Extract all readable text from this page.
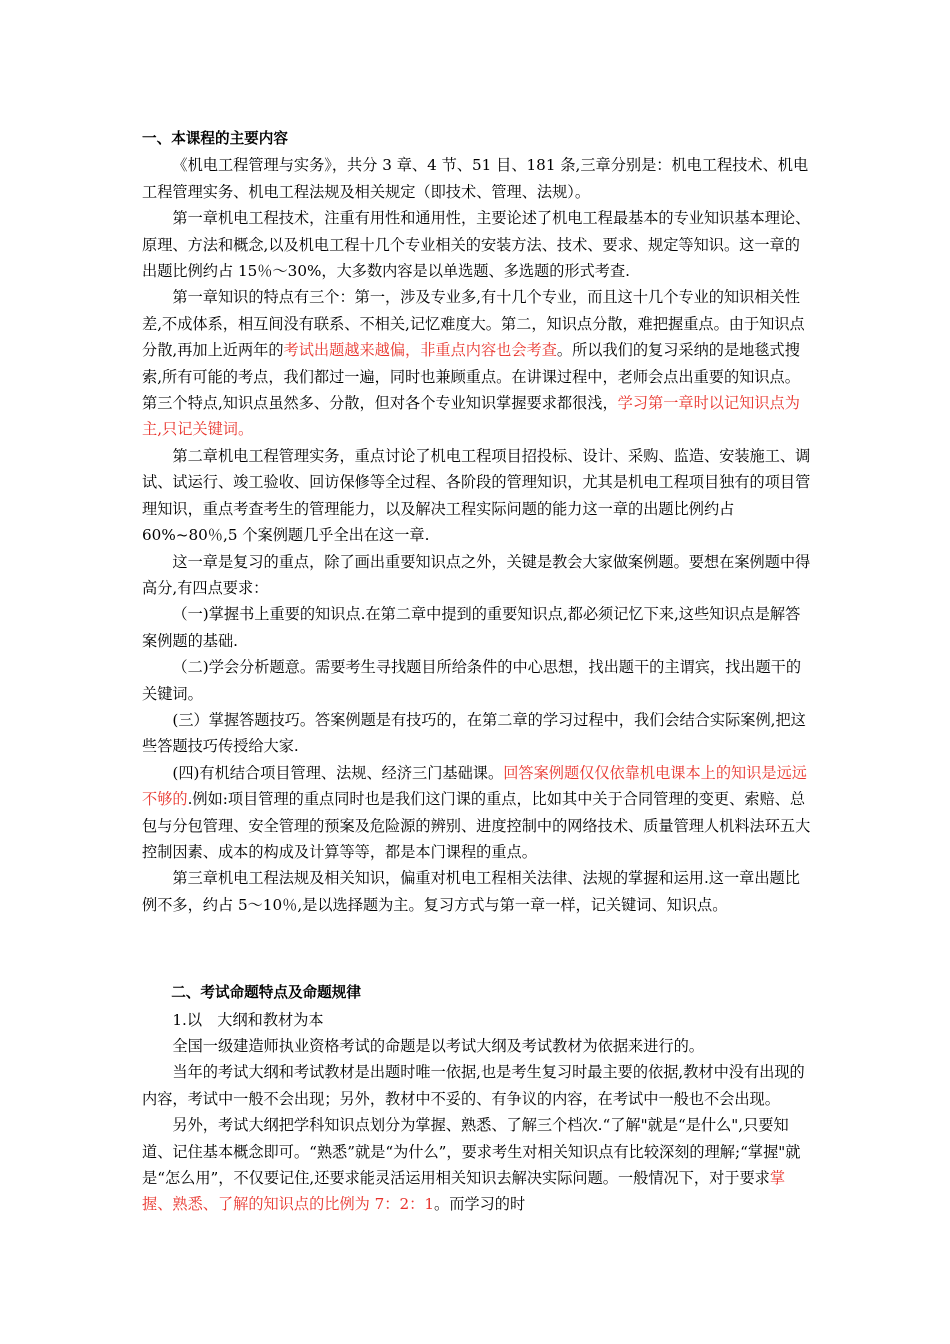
一、本课程的主要内容

《机电工程管理与实务》，共分 3 章、4 节、51 目、181 条,三章分别是：机电工程技术、机电工程管理实务、机电工程法规及相关规定（即技术、管理、法规）。

第一章机电工程技术，注重有用性和通用性，主要论述了机电工程最基本的专业知识基本理论、原理、方法和概念,以及机电工程十几个专业相关的安装方法、技术、要求、规定等知识。这一章的出题比例约占 15％～30%，大多数内容是以单选题、多选题的形式考查.

第一章知识的特点有三个：第一，涉及专业多,有十几个专业，而且这十几个专业的知识相关性差,不成体系，相互间没有联系、不相关,记忆难度大。第二，知识点分散，难把握重点。由于知识点分散,再加上近两年的考试出题越来越偏，非重点内容也会考查。所以我们的复习采纳的是地毯式搜索,所有可能的考点，我们都过一遍，同时也兼顾重点。在讲课过程中，老师会点出重要的知识点。第三个特点,知识点虽然多、分散，但对各个专业知识掌握要求都很浅，学习第一章时以记知识点为主,只记关键词。

第二章机电工程管理实务，重点讨论了机电工程项目招投标、设计、采购、监造、安装施工、调试、试运行、竣工验收、回访保修等全过程、各阶段的管理知识，尤其是机电工程项目独有的项目管理知识，重点考查考生的管理能力，以及解决工程实际问题的能力这一章的出题比例约占 60%~80％,5 个案例题几乎全出在这一章.

这一章是复习的重点，除了画出重要知识点之外，关键是教会大家做案例题。要想在案例题中得高分,有四点要求：

（一)掌握书上重要的知识点.在第二章中提到的重要知识点,都必须记忆下来,这些知识点是解答案例题的基础.

（二)学会分析题意。需要考生寻找题目所给条件的中心思想，找出题干的主谓宾，找出题干的关键词。

(三）掌握答题技巧。答案例题是有技巧的，在第二章的学习过程中，我们会结合实际案例,把这些答题技巧传授给大家.

(四)有机结合项目管理、法规、经济三门基础课。回答案例题仅仅依靠机电课本上的知识是远远不够的.例如:项目管理的重点同时也是我们这门课的重点，比如其中关于合同管理的变更、索赔、总包与分包管理、安全管理的预案及危险源的辨别、进度控制中的网络技术、质量管理人机料法环五大控制因素、成本的构成及计算等等，都是本门课程的重点。

第三章机电工程法规及相关知识，偏重对机电工程相关法律、法规的掌握和运用.这一章出题比例不多，约占 5～10％,是以选择题为主。复习方式与第一章一样，记关键词、知识点。

二、考试命题特点及命题规律

1.以　大纲和教材为本

全国一级建造师执业资格考试的命题是以考试大纲及考试教材为依据来进行的。

当年的考试大纲和考试教材是出题时唯一依据,也是考生复习时最主要的依据,教材中没有出现的内容，考试中一般不会出现；另外，教材中不妥的、有争议的内容，在考试中一般也不会出现。

另外，考试大纲把学科知识点划分为掌握、熟悉、了解三个档次.“了解"就是“是什么",只要知道、记住基本概念即可。“熟悉”就是“为什么”，要求考生对相关知识点有比较深刻的理解;“掌握"就是“怎么用”，不仅要记住,还要求能灵活运用相关知识去解决实际问题。一般情况下，对于要求掌握、熟悉、了解的知识点的比例为 7：2：1。而学习的时
